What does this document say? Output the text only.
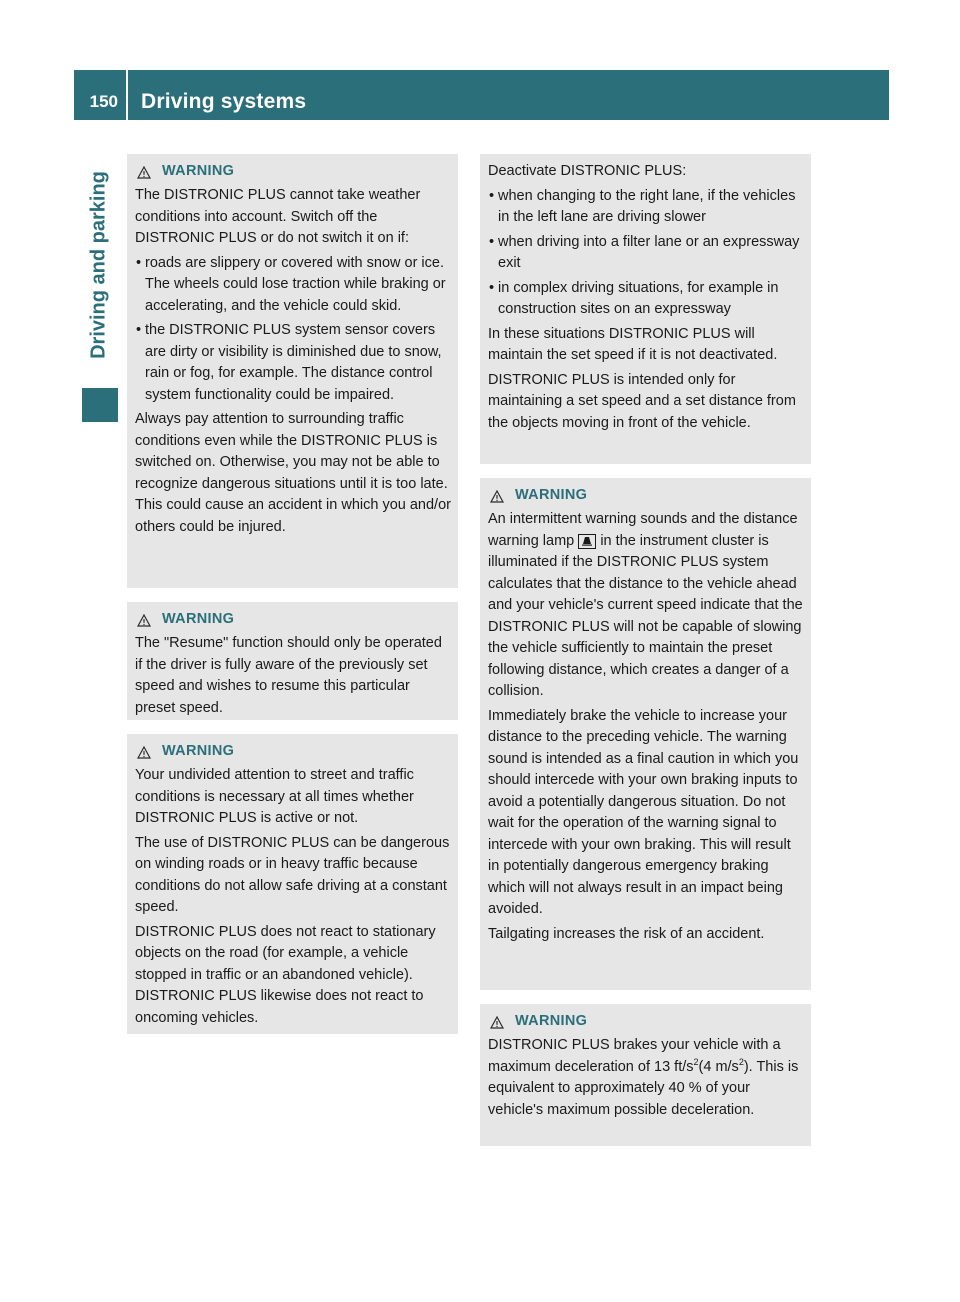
150	Driving systems
Driving and parking	WARNING
The DISTRONIC PLUS cannot take weather conditions into account. Switch off the DISTRONIC PLUS or do not switch it on if:
• roads are slippery or covered with snow or ice. The wheels could lose traction while braking or accelerating, and the vehicle could skid.
• the DISTRONIC PLUS system sensor covers are dirty or visibility is diminished due to snow, rain or fog, for example. The distance control system functionality could be impaired.
Always pay attention to surrounding traffic conditions even while the DISTRONIC PLUS is switched on. Otherwise, you may not be able to recognize dangerous situations until it is too late. This could cause an accident in which you and/or others could be injured.
WARNING
The "Resume" function should only be operated if the driver is fully aware of the previously set speed and wishes to resume this particular preset speed.
WARNING
Your undivided attention to street and traffic conditions is necessary at all times whether DISTRONIC PLUS is active or not.
The use of DISTRONIC PLUS can be dangerous on winding roads or in heavy traffic because conditions do not allow safe driving at a constant speed.
DISTRONIC PLUS does not react to stationary objects on the road (for example, a vehicle stopped in traffic or an abandoned vehicle). DISTRONIC PLUS likewise does not react to oncoming vehicles.
Deactivate DISTRONIC PLUS:
• when changing to the right lane, if the vehicles in the left lane are driving slower
• when driving into a filter lane or an expressway exit
• in complex driving situations, for example in construction sites on an expressway
In these situations DISTRONIC PLUS will maintain the set speed if it is not deactivated.
DISTRONIC PLUS is intended only for maintaining a set speed and a set distance from the objects moving in front of the vehicle.
WARNING
An intermittent warning sounds and the distance warning lamp in the instrument cluster is illuminated if the DISTRONIC PLUS system calculates that the distance to the vehicle ahead and your vehicle's current speed indicate that the DISTRONIC PLUS will not be capable of slowing the vehicle sufficiently to maintain the preset following distance, which creates a danger of a collision.
Immediately brake the vehicle to increase your distance to the preceding vehicle. The warning sound is intended as a final caution in which you should intercede with your own braking inputs to avoid a potentially dangerous situation. Do not wait for the operation of the warning signal to intercede with your own braking. This will result in potentially dangerous emergency braking which will not always result in an impact being avoided.
Tailgating increases the risk of an accident.
WARNING
DISTRONIC PLUS brakes your vehicle with a maximum deceleration of 13 $ft/s^2(4$ $m/s^2$). This is equivalent to approximately 40 % of your vehicle's maximum possible deceleration.
